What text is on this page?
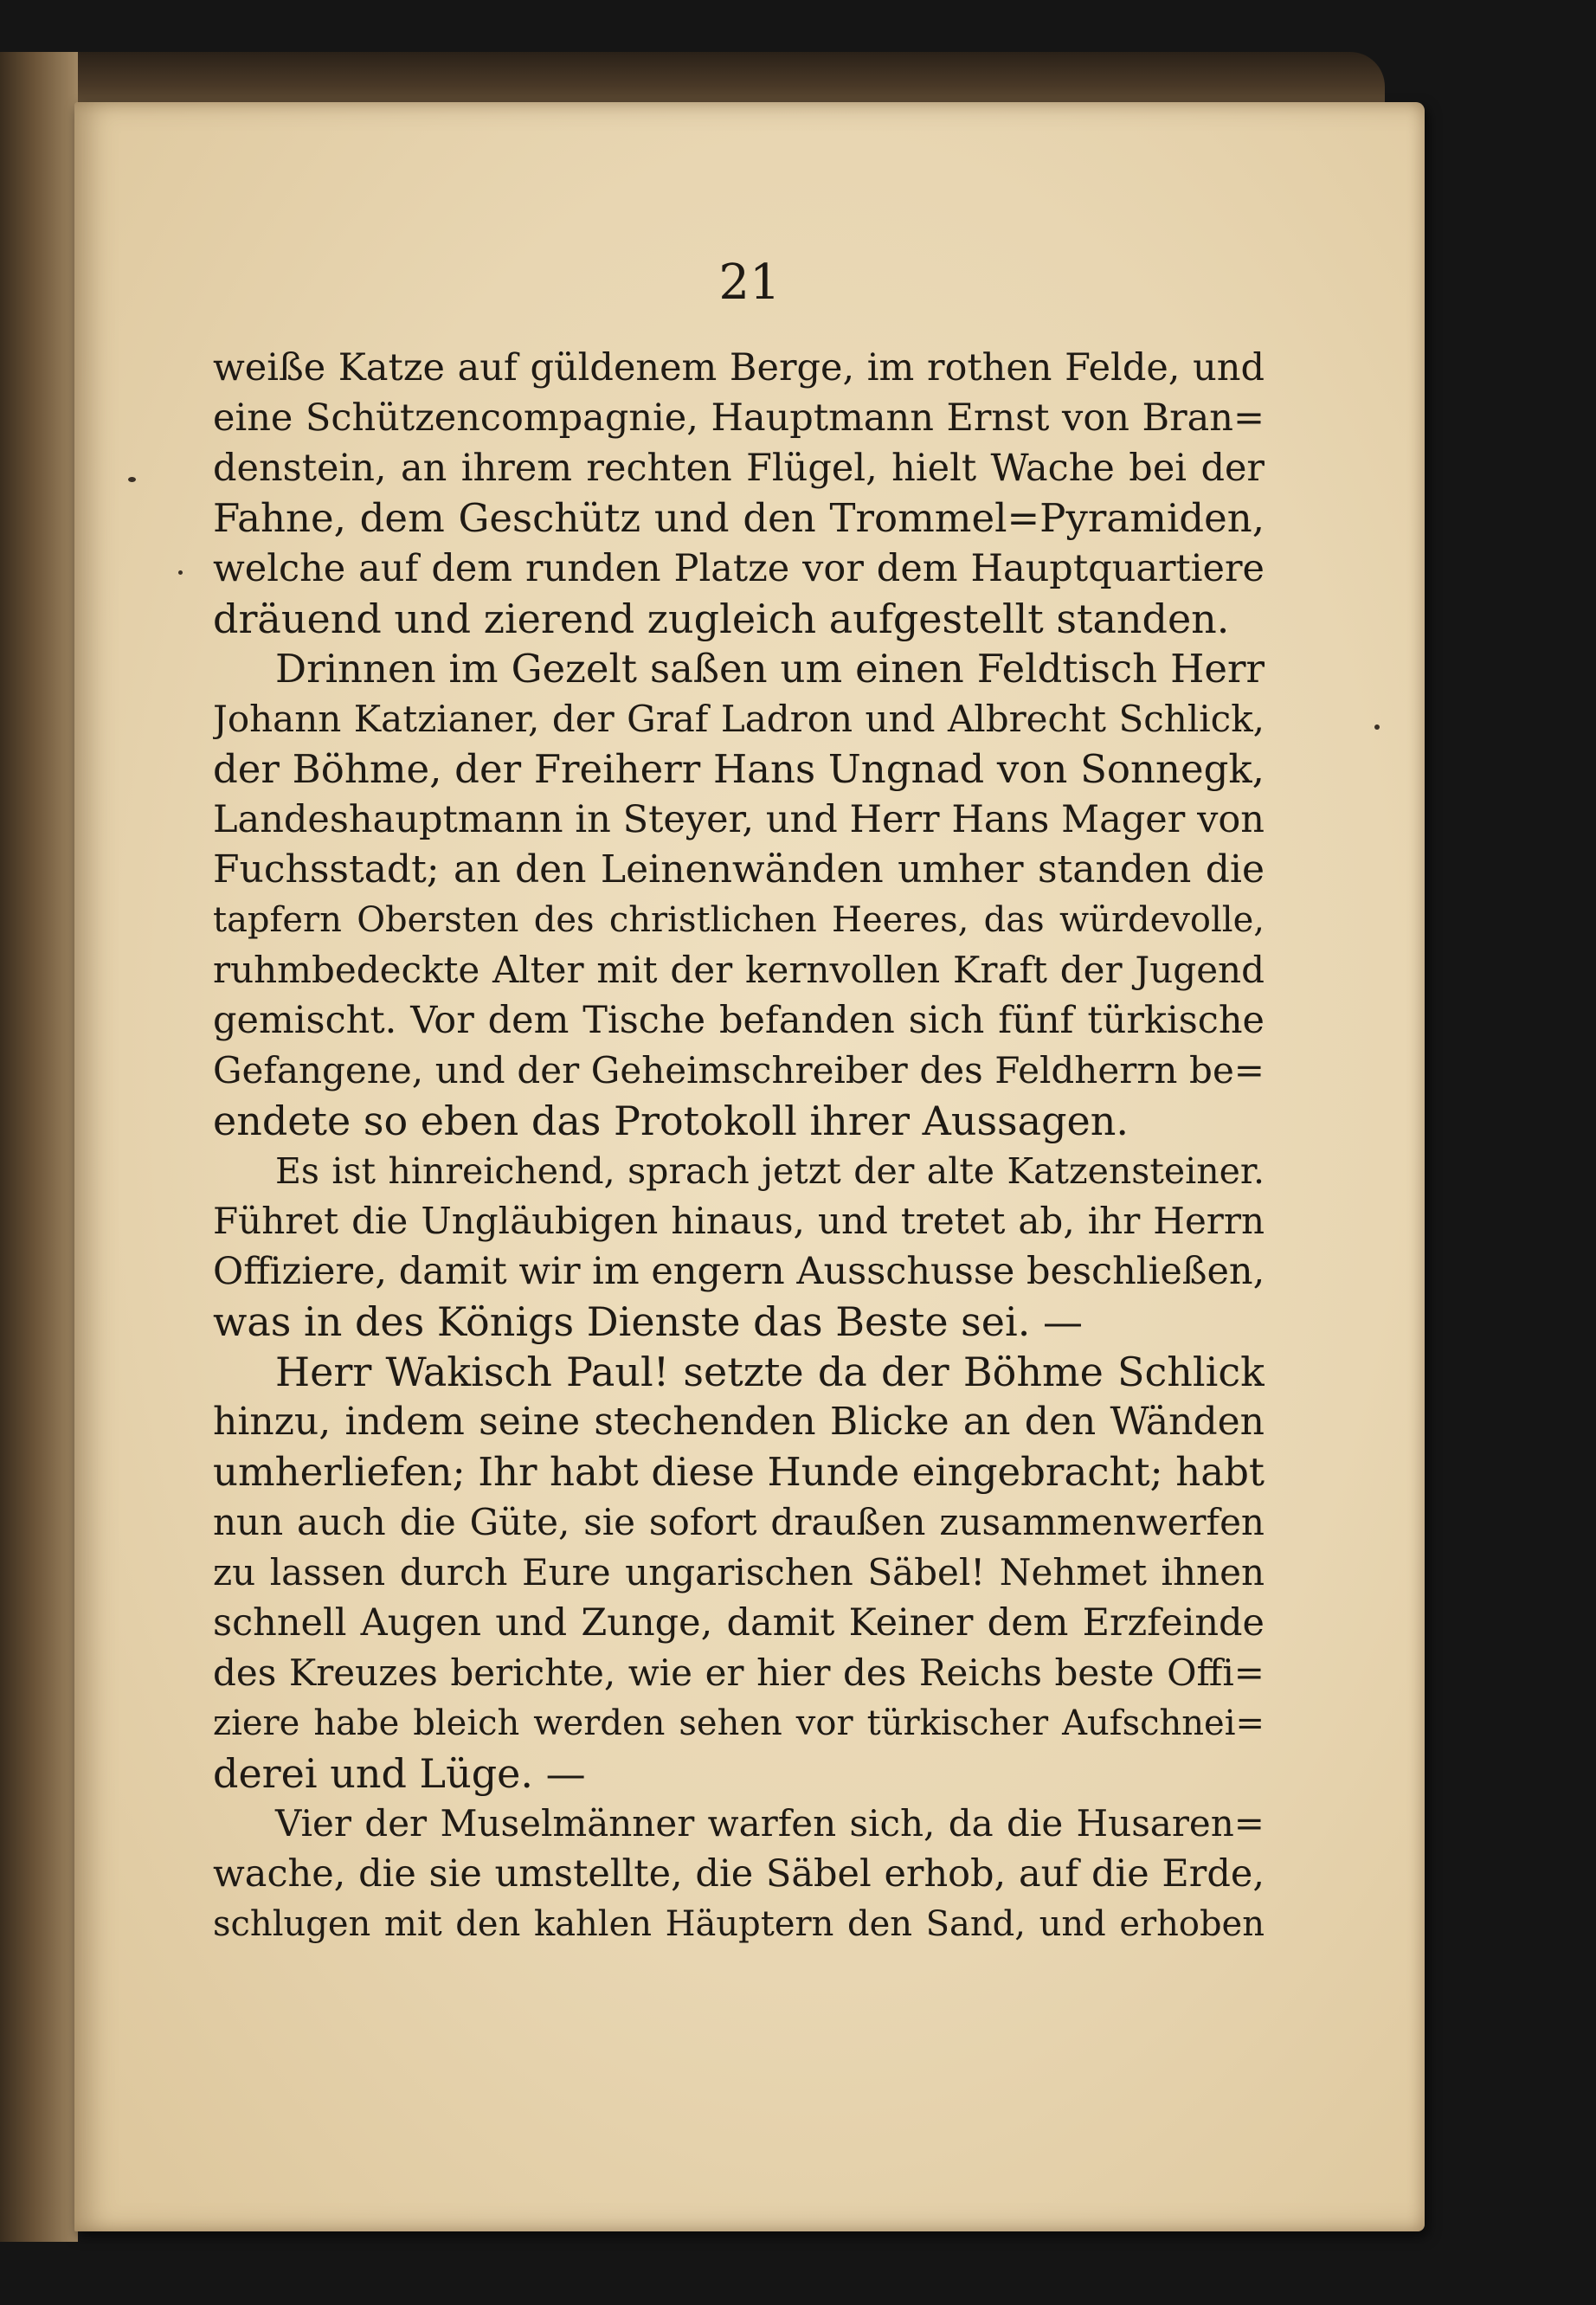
21
weiße Katze auf güldenem Berge, im rothen Felde, und
eine Schützencompagnie, Hauptmann Ernst von Bran=
denstein, an ihrem rechten Flügel, hielt Wache bei der
Fahne, dem Geschütz und den Trommel=Pyramiden,
welche auf dem runden Platze vor dem Hauptquartiere
dräuend und zierend zugleich aufgestellt standen.
Drinnen im Gezelt saßen um einen Feldtisch Herr
Johann Katzianer, der Graf Ladron und Albrecht Schlick,
der Böhme, der Freiherr Hans Ungnad von Sonnegk,
Landeshauptmann in Steyer, und Herr Hans Mager von
Fuchsstadt; an den Leinenwänden umher standen die
tapfern Obersten des christlichen Heeres, das würdevolle,
ruhmbedeckte Alter mit der kernvollen Kraft der Jugend
gemischt. Vor dem Tische befanden sich fünf türkische
Gefangene, und der Geheimschreiber des Feldherrn be=
endete so eben das Protokoll ihrer Aussagen.
Es ist hinreichend, sprach jetzt der alte Katzensteiner.
Führet die Ungläubigen hinaus, und tretet ab, ihr Herrn
Offiziere, damit wir im engern Ausschusse beschließen,
was in des Königs Dienste das Beste sei. —
Herr Wakisch Paul! setzte da der Böhme Schlick
hinzu, indem seine stechenden Blicke an den Wänden
umherliefen; Ihr habt diese Hunde eingebracht; habt
nun auch die Güte, sie sofort draußen zusammenwerfen
zu lassen durch Eure ungarischen Säbel! Nehmet ihnen
schnell Augen und Zunge, damit Keiner dem Erzfeinde
des Kreuzes berichte, wie er hier des Reichs beste Offi=
ziere habe bleich werden sehen vor türkischer Aufschnei=
derei und Lüge. —
Vier der Muselmänner warfen sich, da die Husaren=
wache, die sie umstellte, die Säbel erhob, auf die Erde,
schlugen mit den kahlen Häuptern den Sand, und erhoben
